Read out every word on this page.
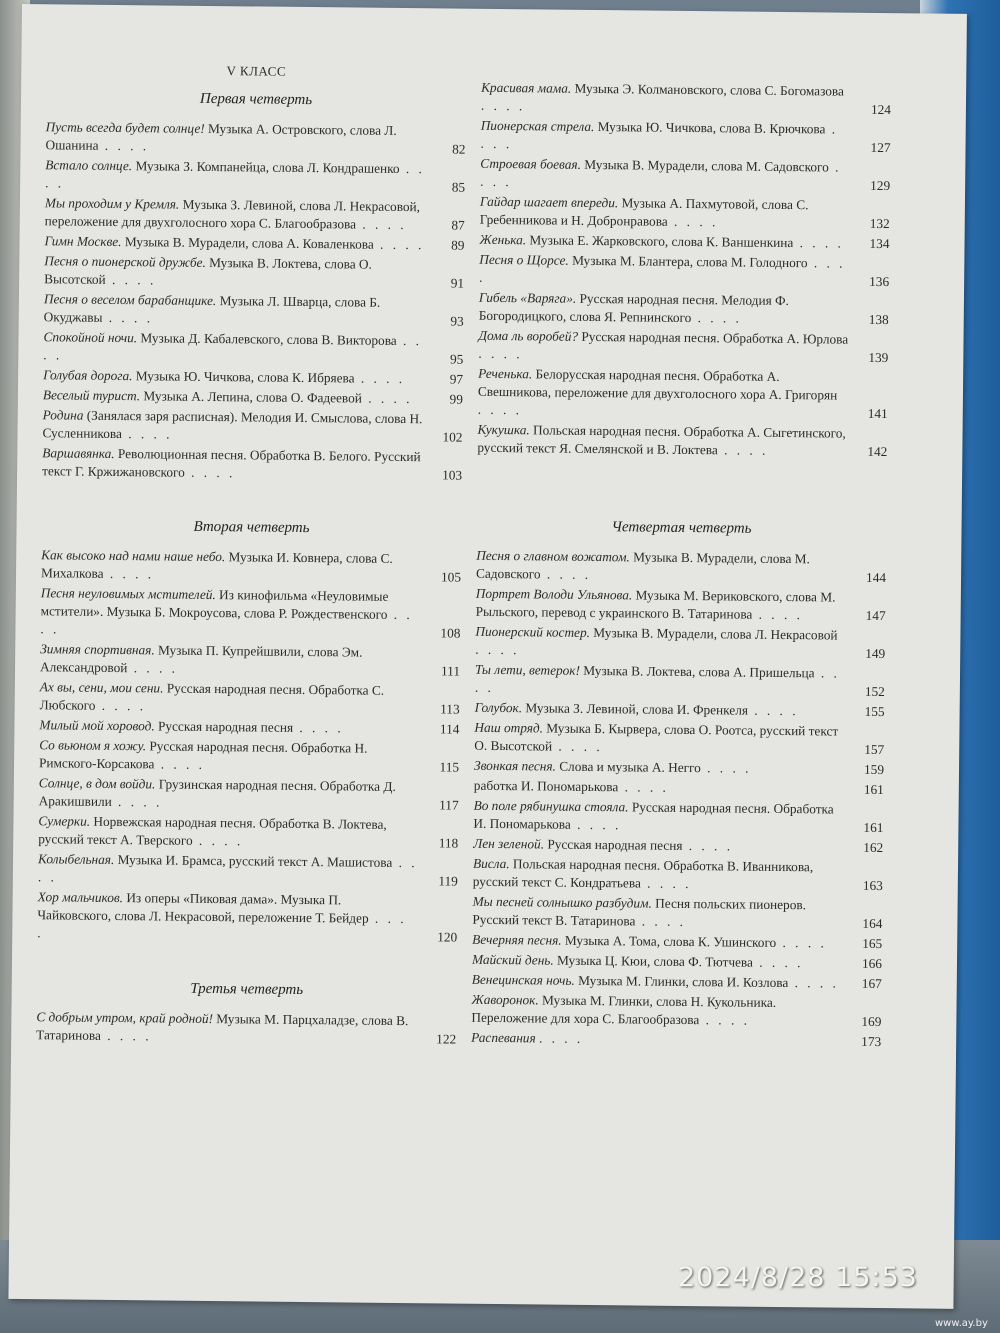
V КЛАСС
Первая четверть
Пусть всегда будет солнце! Музыка А. Островского, слова Л. Ошанина . . . .	82
Встало солнце. Музыка З. Компанейца, слова Л. Кондрашенко . . . .	85
Мы проходим у Кремля. Музыка З. Левиной, слова Л. Некрасовой, переложение для двухголосного хора С. Благообразова . . . .	87
Гимн Москве. Музыка В. Мурадели, слова А. Коваленкова . . . .	89
Песня о пионерской дружбе. Музыка В. Локтева, слова О. Высотской . . . .	91
Песня о веселом барабанщике. Музыка Л. Шварца, слова Б. Окуджавы . . . .	93
Спокойной ночи. Музыка Д. Кабалевского, слова В. Викторова . . . .	95
Голубая дорога. Музыка Ю. Чичкова, слова К. Ибряева . . . .	97
Веселый турист. Музыка А. Лепина, слова О. Фадеевой . . . .	99
Родина (Занялася заря расписная). Мелодия И. Смыслова, слова Н. Сусленникова . . . .	102
Варшавянка. Революционная песня. Обработка В. Белого. Русский текст Г. Кржижановского . . . .	103
Вторая четверть
Как высоко над нами наше небо. Музыка И. Ковнера, слова С. Михалкова . . . .	105
Песня неуловимых мстителей. Из кинофильма «Неуловимые мстители». Музыка Б. Мокроусова, слова Р. Рождественского . . . .	108
Зимняя спортивная. Музыка П. Купрейшвили, слова Эм. Александровой . . . .	111
Ах вы, сени, мои сени. Русская народная песня. Обработка С. Любского . . . .	113
Милый мой хоровод. Русская народная песня . . . .	114
Со вьюном я хожу. Русская народная песня. Обработка Н. Римского-Корсакова . . . .	115
Солнце, в дом войди. Грузинская народная песня. Обработка Д. Аракишвили . . . .	117
Сумерки. Норвежская народная песня. Обработка В. Локтева, русский текст А. Тверского . . . .	118
Колыбельная. Музыка И. Брамса, русский текст А. Машистова . . . .	119
Хор мальчиков. Из оперы «Пиковая дама». Музыка П. Чайковского, слова Л. Некрасовой, переложение Т. Бейдер . . . .	120
Третья четверть
С добрым утром, край родной! Музыка М. Парцхаладзе, слова В. Татаринова . . . .	122
Красивая мама. Музыка Э. Колмановского, слова С. Богомазова . . . .	124
Пионерская стрела. Музыка Ю. Чичкова, слова В. Крючкова . . . .	127
Строевая боевая. Музыка В. Мурадели, слова М. Садовского . . . .	129
Гайдар шагает впереди. Музыка А. Пахмутовой, слова С. Гребенникова и Н. Добронравова . . . .	132
Женька. Музыка Е. Жарковского, слова К. Ваншенкина . . . .	134
Песня о Щорсе. Музыка М. Блантера, слова М. Голодного . . . .	136
Гибель «Варяга». Русская народная песня. Мелодия Ф. Богородицкого, слова Я. Репнинского . . . .	138
Дома ль воробей? Русская народная песня. Обработка А. Юрлова . . . .	139
Реченька. Белорусская народная песня. Обработка А. Свешникова, переложение для двухголосного хора А. Григорян . . . .	141
Кукушка. Польская народная песня. Обработка А. Сыгетинского, русский текст Я. Смелянской и В. Локтева . . . .	142
Четвертая четверть
Песня о главном вожатом. Музыка В. Мурадели, слова М. Садовского . . . .	144
Портрет Володи Ульянова. Музыка М. Вериковского, слова М. Рыльского, перевод с украинского В. Татаринова . . . .	147
Пионерский костер. Музыка В. Мурадели, слова Л. Некрасовой . . . .	149
Ты лети, ветерок! Музыка В. Локтева, слова А. Пришельца . . . .	152
Голубок. Музыка З. Левиной, слова И. Френкеля . . . .	155
Наш отряд. Музыка Б. Кырвера, слова О. Роотса, русский текст О. Высотской . . . .	157
Звонкая песня. Слова и музыка А. Негго . . . .	159
работка И. Пономарькова . . . .	161
Во поле рябинушка стояла. Русская народная песня. Обработка И. Пономарькова . . . .	161
Лен зеленой. Русская народная песня . . . .	162
Висла. Польская народная песня. Обработка В. Иванникова, русский текст С. Кондратьева . . . .	163
Мы песней солнышко разбудим. Песня польских пионеров. Русский текст В. Татаринова . . . .	164
Вечерняя песня. Музыка А. Тома, слова К. Ушинского . . . .	165
Майский день. Музыка Ц. Кюи, слова Ф. Тютчева . . . .	166
Венецинская ночь. Музыка М. Глинки, слова И. Козлова . . . .	167
Жаворонок. Музыка М. Глинки, слова Н. Кукольника. Переложение для хора С. Благообразова . . . .	169
Распевания . . . .	173
2024/8/28 15:53
www.ay.by
